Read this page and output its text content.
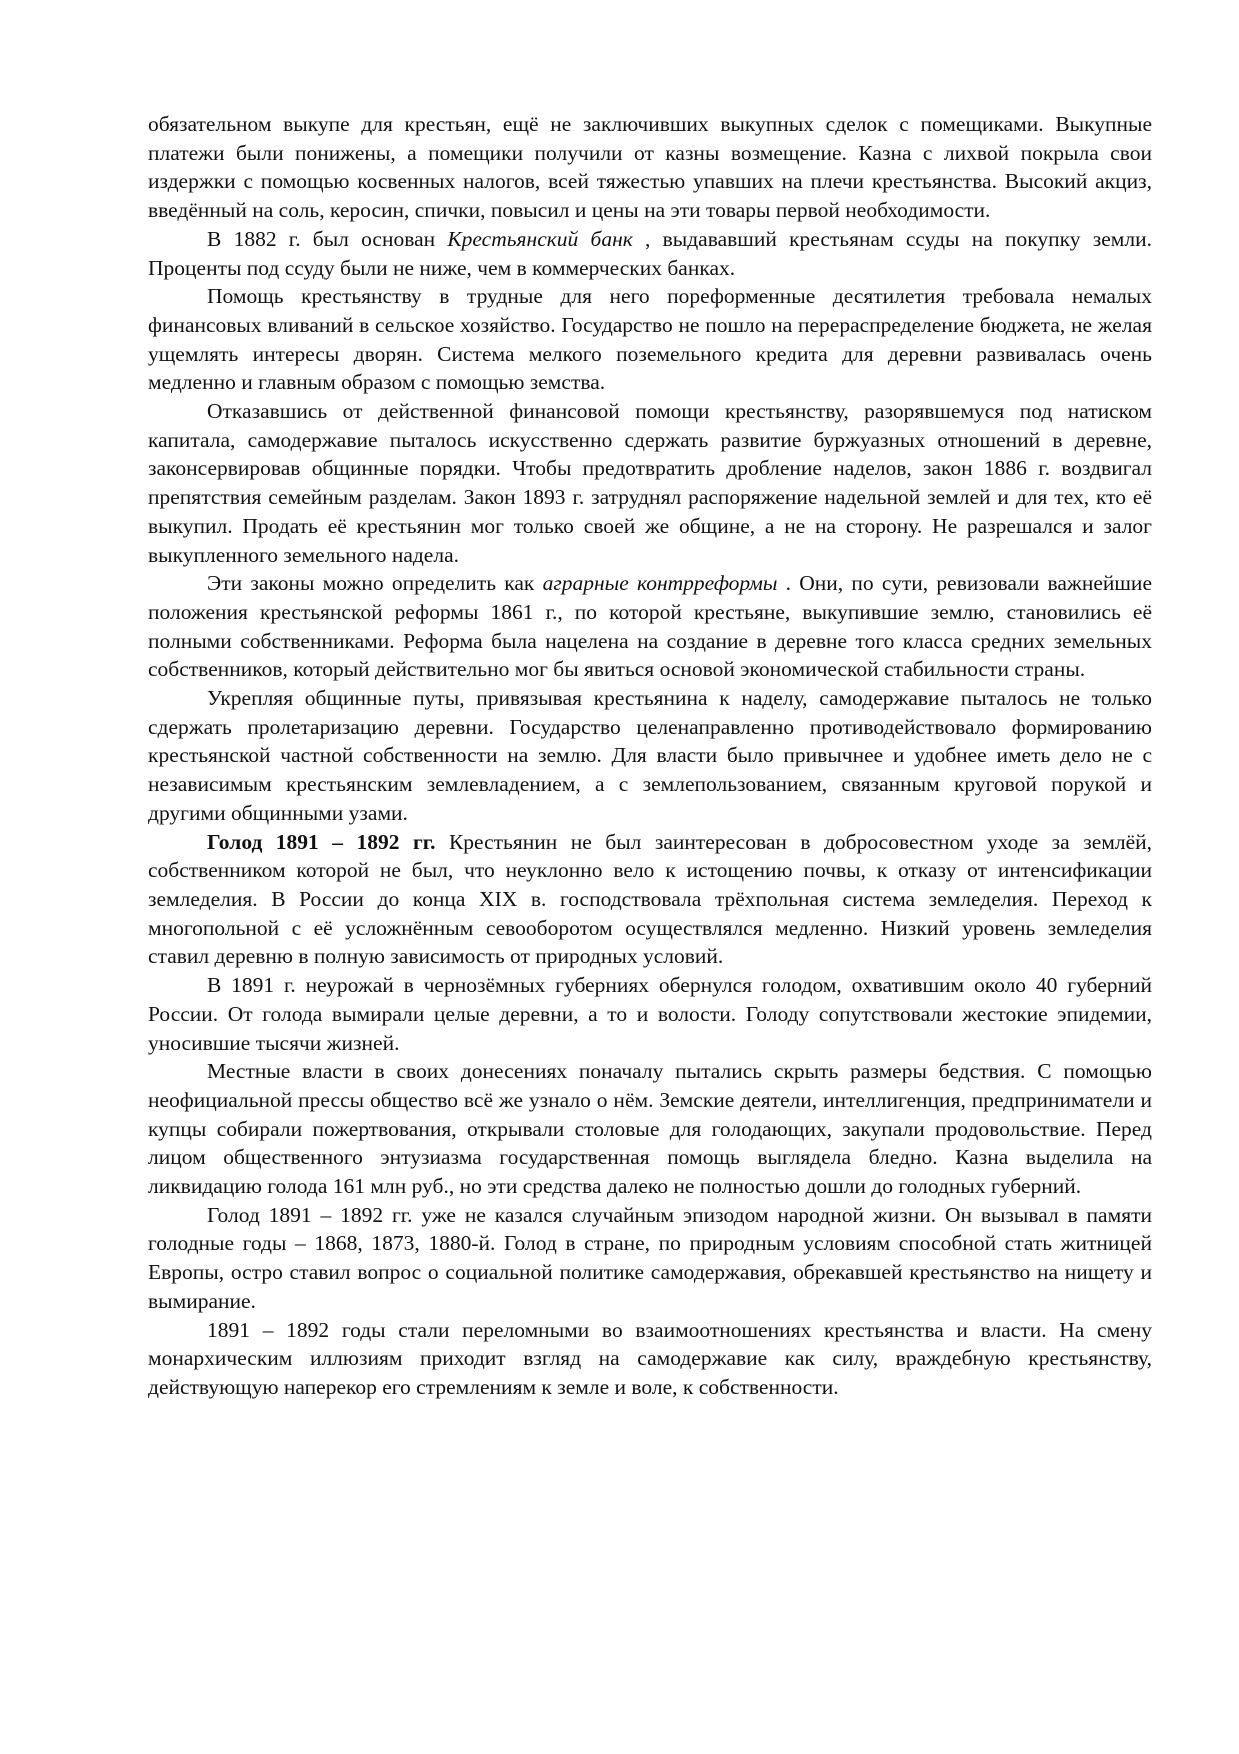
обязательном выкупе для крестьян, ещё не заключивших выкупных сделок с помещиками. Выкупные платежи были понижены, а помещики получили от казны возмещение. Казна с лихвой покрыла свои издержки с помощью косвенных налогов, всей тяжестью упавших на плечи крестьянства. Высокий акциз, введённый на соль, керосин, спички, повысил и цены на эти товары первой необходимости.

В 1882 г. был основан Крестьянский банк , выдававший крестьянам ссуды на покупку земли. Проценты под ссуду были не ниже, чем в коммерческих банках.

Помощь крестьянству в трудные для него пореформенные десятилетия требовала немалых финансовых вливаний в сельское хозяйство. Государство не пошло на перераспределение бюджета, не желая ущемлять интересы дворян. Система мелкого поземельного кредита для деревни развивалась очень медленно и главным образом с помощью земства.

Отказавшись от действенной финансовой помощи крестьянству, разорявшемуся под натиском капитала, самодержавие пыталось искусственно сдержать развитие буржуазных отношений в деревне, законсервировав общинные порядки. Чтобы предотвратить дробление наделов, закон 1886 г. воздвигал препятствия семейным разделам. Закон 1893 г. затруднял распоряжение надельной землей и для тех, кто её выкупил. Продать её крестьянин мог только своей же общине, а не на сторону. Не разрешался и залог выкупленного земельного надела.

Эти законы можно определить как аграрные контрреформы . Они, по сути, ревизовали важнейшие положения крестьянской реформы 1861 г., по которой крестьяне, выкупившие землю, становились её полными собственниками. Реформа была нацелена на создание в деревне того класса средних земельных собственников, который действительно мог бы явиться основой экономической стабильности страны.

Укрепляя общинные путы, привязывая крестьянина к наделу, самодержавие пыталось не только сдержать пролетаризацию деревни. Государство целенаправленно противодействовало формированию крестьянской частной собственности на землю. Для власти было привычнее и удобнее иметь дело не с независимым крестьянским землевладением, а с землепользованием, связанным круговой порукой и другими общинными узами.

Голод 1891 – 1892 гг. Крестьянин не был заинтересован в добросовестном уходе за землёй, собственником которой не был, что неуклонно вело к истощению почвы, к отказу от интенсификации земледелия. В России до конца XIX в. господствовала трёхпольная система земледелия. Переход к многопольной с её усложнённым севооборотом осуществлялся медленно. Низкий уровень земледелия ставил деревню в полную зависимость от природных условий.

В 1891 г. неурожай в чернозёмных губерниях обернулся голодом, охватившим около 40 губерний России. От голода вымирали целые деревни, а то и волости. Голоду сопутствовали жестокие эпидемии, уносившие тысячи жизней.

Местные власти в своих донесениях поначалу пытались скрыть размеры бедствия. С помощью неофициальной прессы общество всё же узнало о нём. Земские деятели, интеллигенция, предприниматели и купцы собирали пожертвования, открывали столовые для голодающих, закупали продовольствие. Перед лицом общественного энтузиазма государственная помощь выглядела бледно. Казна выделила на ликвидацию голода 161 млн руб., но эти средства далеко не полностью дошли до голодных губерний.

Голод 1891 – 1892 гг. уже не казался случайным эпизодом народной жизни. Он вызывал в памяти голодные годы – 1868, 1873, 1880-й. Голод в стране, по природным условиям способной стать житницей Европы, остро ставил вопрос о социальной политике самодержавия, обрекавшей крестьянство на нищету и вымирание.

1891 – 1892 годы стали переломными во взаимоотношениях крестьянства и власти. На смену монархическим иллюзиям приходит взгляд на самодержавие как силу, враждебную крестьянству, действующую наперекор его стремлениям к земле и воле, к собственности.
